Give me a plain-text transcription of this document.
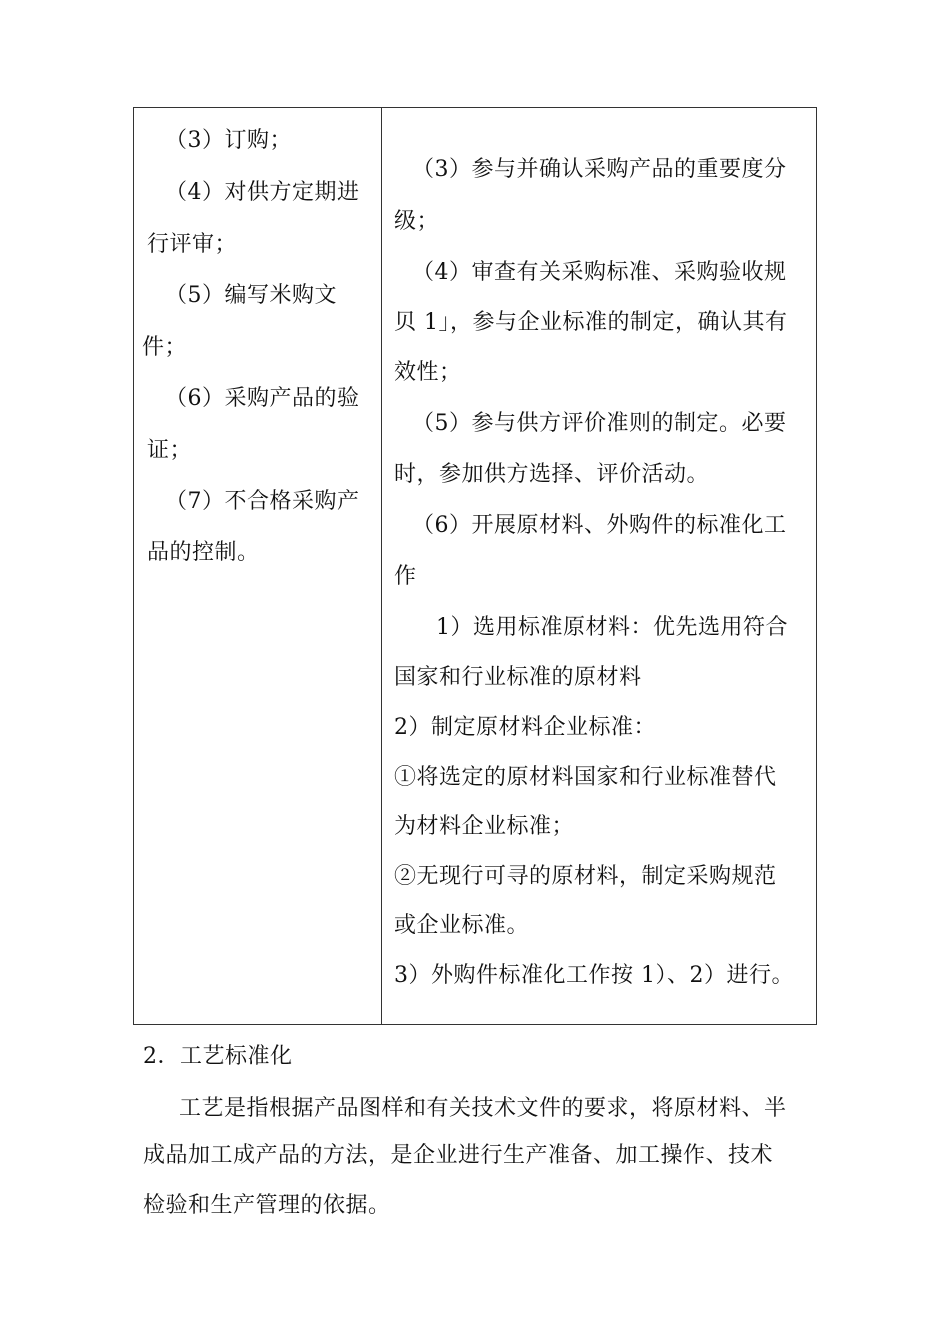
（3）订购；
（4）对供方定期进
行评审；
（5）编写米购文
件；
（6）采购产品的验
证；
（7）不合格采购产
品的控制。
（3）参与并确认采购产品的重要度分
级；
（4）审查有关采购标准、采购验收规
贝 1」，参与企业标准的制定，确认其有
效性；
（5）参与供方评价准则的制定。必要
时，参加供方选择、评价活动。
（6）开展原材料、外购件的标准化工
作
1）选用标准原材料：优先选用符合
国家和行业标准的原材料
2）制定原材料企业标准：
①将选定的原材料国家和行业标准替代
为材料企业标准；
②无现行可寻的原材料，制定采购规范
或企业标准。
3）外购件标准化工作按 1）、2）进行。
2．工艺标准化
工艺是指根据产品图样和有关技术文件的要求，将原材料、半
成品加工成产品的方法，是企业进行生产准备、加工操作、技术
检验和生产管理的依据。
